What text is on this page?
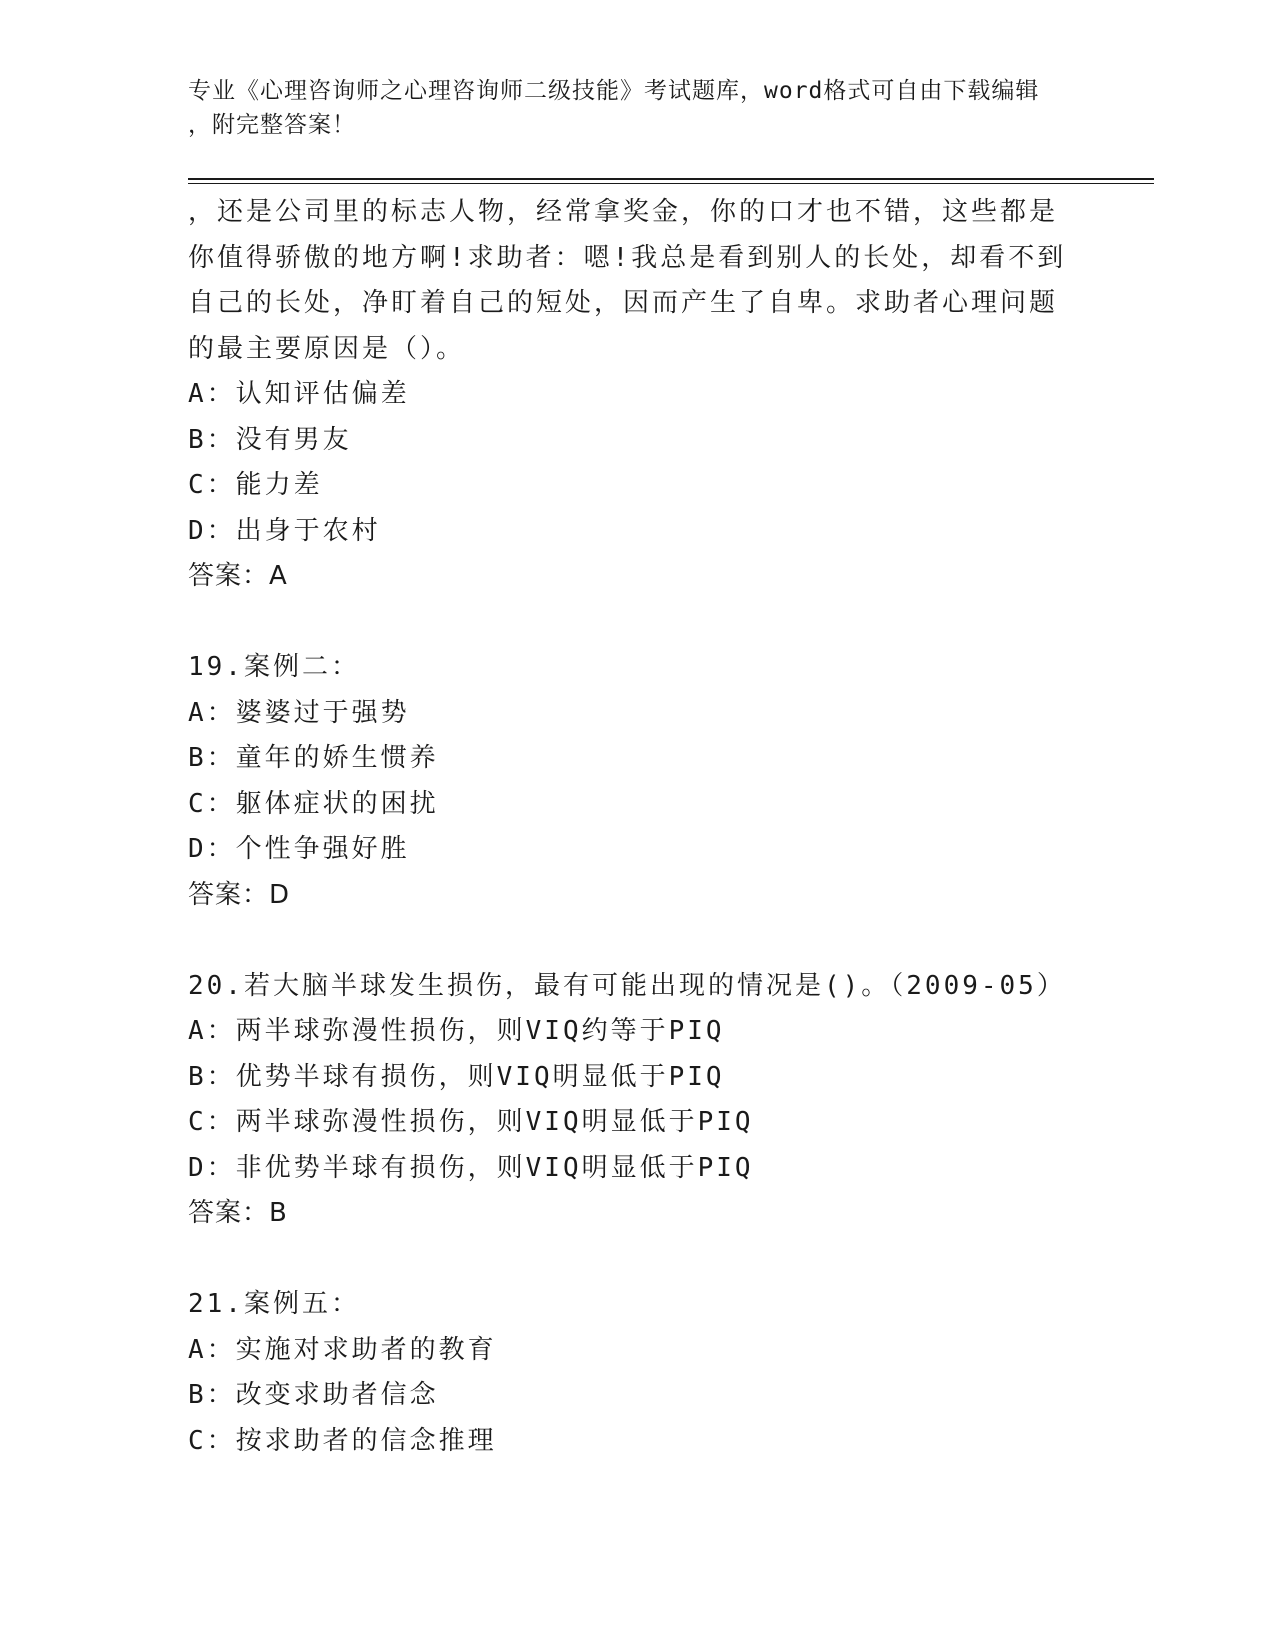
专业《心理咨询师之心理咨询师二级技能》考试题库，word格式可自由下载编辑

，附完整答案！

，还是公司里的标志人物，经常拿奖金，你的口才也不错，这些都是
你值得骄傲的地方啊!求助者：嗯!我总是看到别人的长处，却看不到
自己的长处，净盯着自己的短处，因而产生了自卑。求助者心理问题
的最主要原因是（）。
A：认知评估偏差
B：没有男友
C：能力差
D：出身于农村
答案：A
19.案例二：
A：婆婆过于强势
B：童年的娇生惯养
C：躯体症状的困扰
D：个性争强好胜
答案：D
20.若大脑半球发生损伤，最有可能出现的情况是()。（2009-05）
A：两半球弥漫性损伤，则VIQ约等于PIQ
B：优势半球有损伤，则VIQ明显低于PIQ
C：两半球弥漫性损伤，则VIQ明显低于PIQ
D：非优势半球有损伤，则VIQ明显低于PIQ
答案：B
21.案例五：
A：实施对求助者的教育
B：改变求助者信念
C：按求助者的信念推理
